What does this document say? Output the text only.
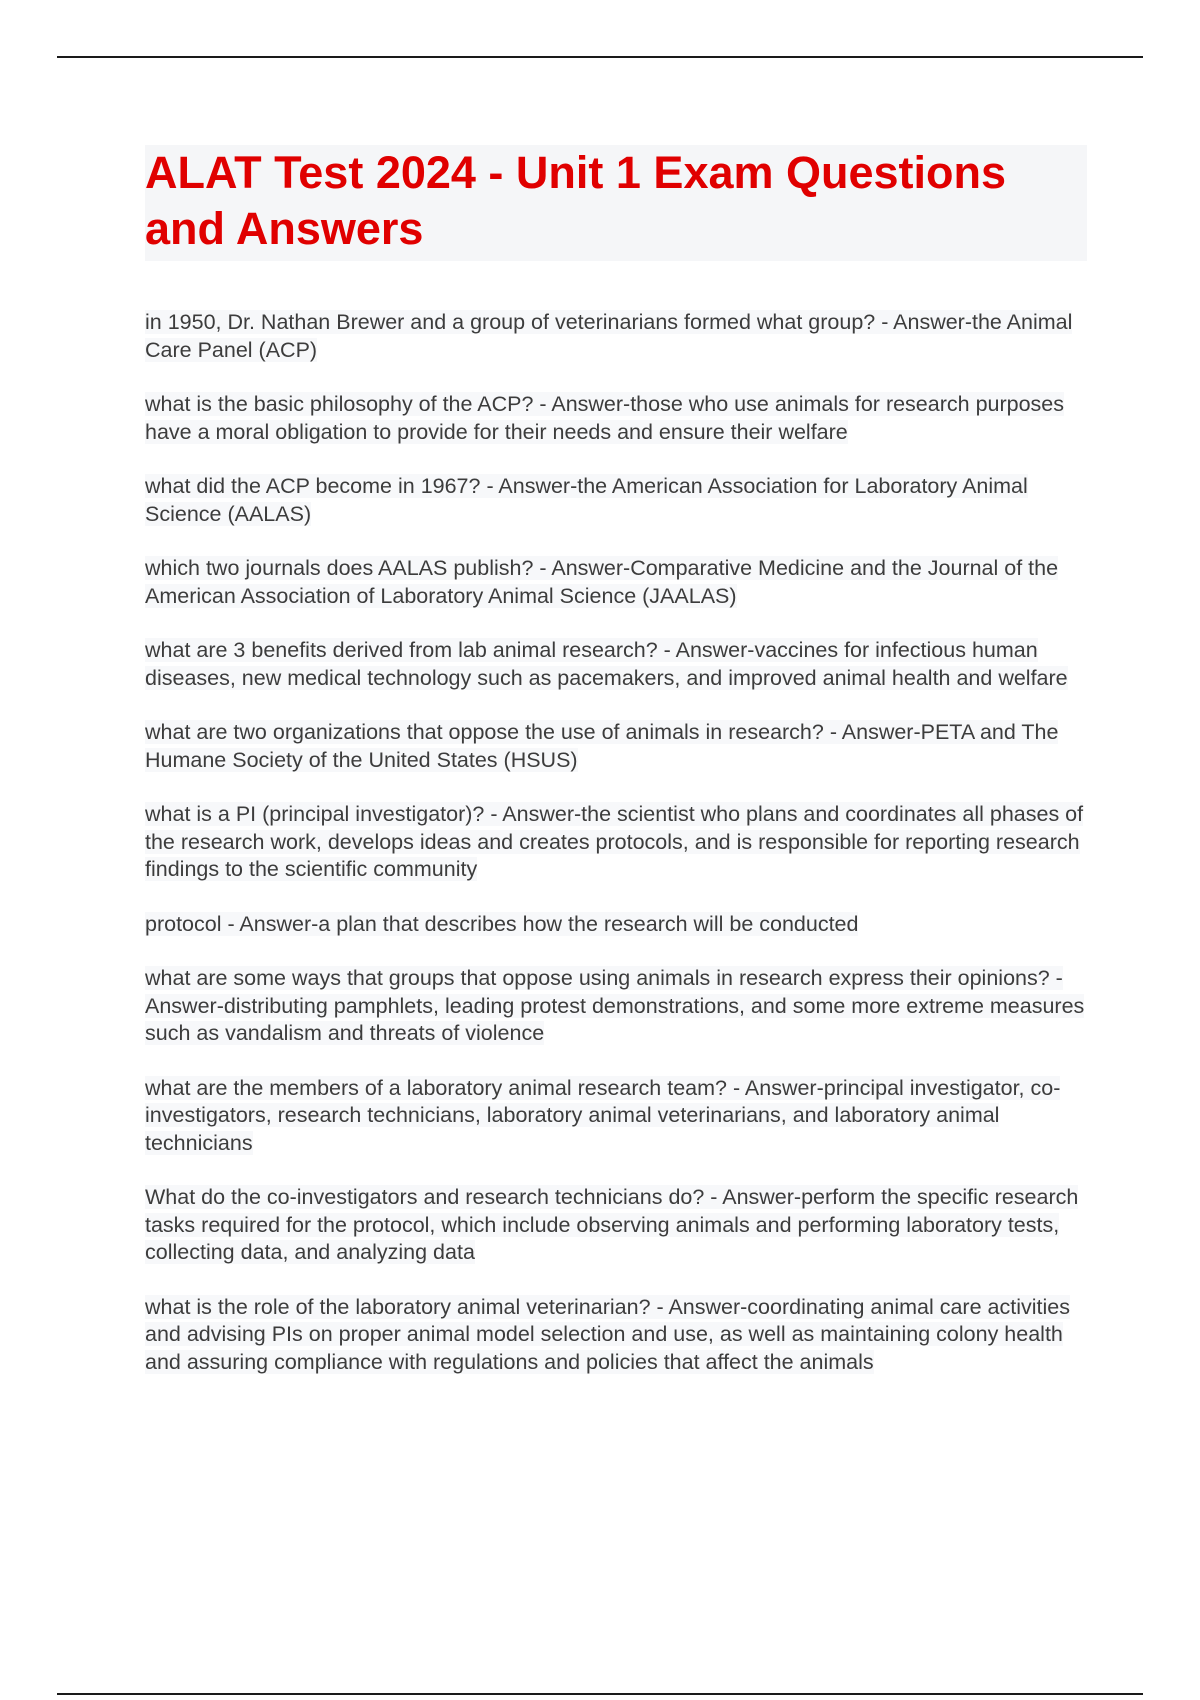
ALAT Test 2024 - Unit 1 Exam Questions and Answers
in 1950, Dr. Nathan Brewer and a group of veterinarians formed what group? - Answer-the Animal Care Panel (ACP)
what is the basic philosophy of the ACP? - Answer-those who use animals for research purposes have a moral obligation to provide for their needs and ensure their welfare
what did the ACP become in 1967? - Answer-the American Association for Laboratory Animal Science (AALAS)
which two journals does AALAS publish? - Answer-Comparative Medicine and the Journal of the American Association of Laboratory Animal Science (JAALAS)
what are 3 benefits derived from lab animal research? - Answer-vaccines for infectious human diseases, new medical technology such as pacemakers, and improved animal health and welfare
what are two organizations that oppose the use of animals in research? - Answer-PETA and The Humane Society of the United States (HSUS)
what is a PI (principal investigator)? - Answer-the scientist who plans and coordinates all phases of the research work, develops ideas and creates protocols, and is responsible for reporting research findings to the scientific community
protocol - Answer-a plan that describes how the research will be conducted
what are some ways that groups that oppose using animals in research express their opinions? - Answer-distributing pamphlets, leading protest demonstrations, and some more extreme measures such as vandalism and threats of violence
what are the members of a laboratory animal research team? - Answer-principal investigator, co-investigators, research technicians, laboratory animal veterinarians, and laboratory animal technicians
What do the co-investigators and research technicians do? - Answer-perform the specific research tasks required for the protocol, which include observing animals and performing laboratory tests, collecting data, and analyzing data
what is the role of the laboratory animal veterinarian? - Answer-coordinating animal care activities and advising PIs on proper animal model selection and use, as well as maintaining colony health and assuring compliance with regulations and policies that affect the animals
